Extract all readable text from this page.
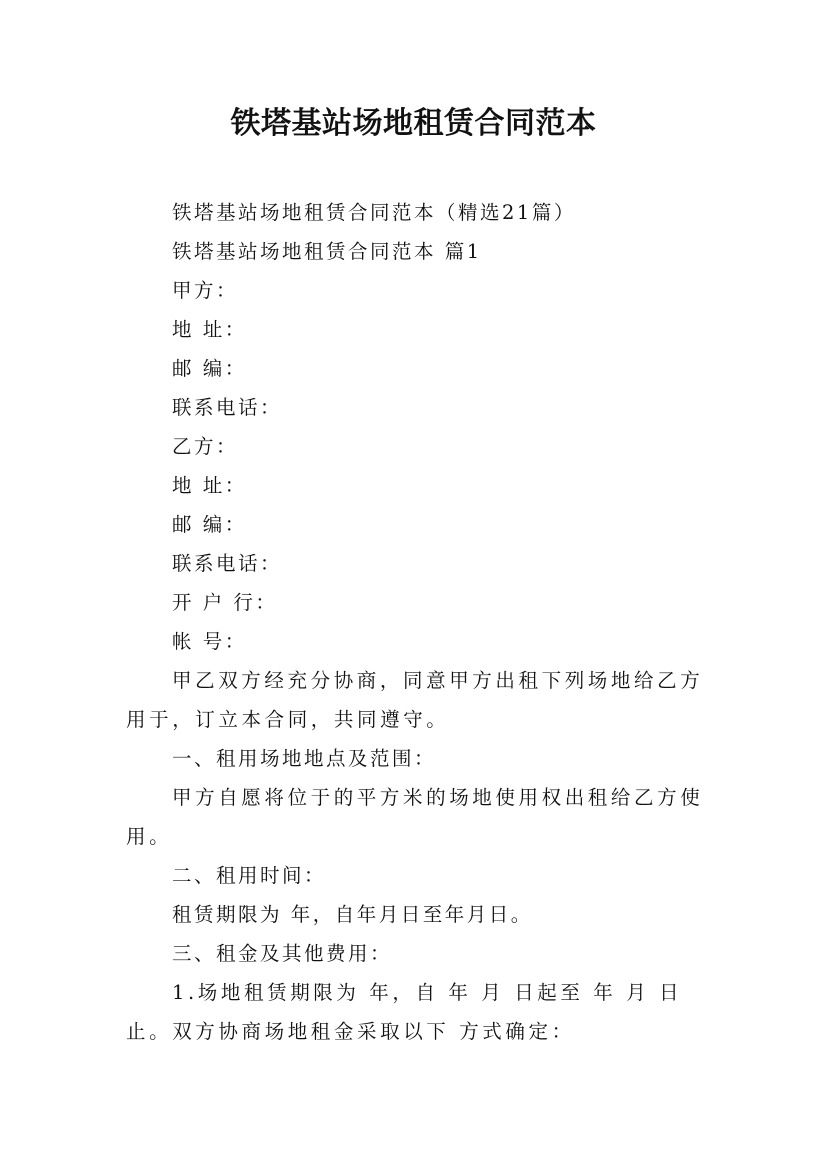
铁塔基站场地租赁合同范本

铁塔基站场地租赁合同范本（精选21篇）

铁塔基站场地租赁合同范本 篇1

甲方：

地 址：

邮 编：

联系电话：

乙方：

地 址：

邮 编：

联系电话：

开 户 行：

帐 号：

甲乙双方经充分协商，同意甲方出租下列场地给乙方用于，订立本合同，共同遵守。

一、租用场地地点及范围：

甲方自愿将位于的平方米的场地使用权出租给乙方使用。

二、租用时间：

租赁期限为 年，自年月日至年月日。

三、租金及其他费用：

1.场地租赁期限为 年，自 年 月 日起至 年 月 日止。双方协商场地租金采取以下 方式确定：
